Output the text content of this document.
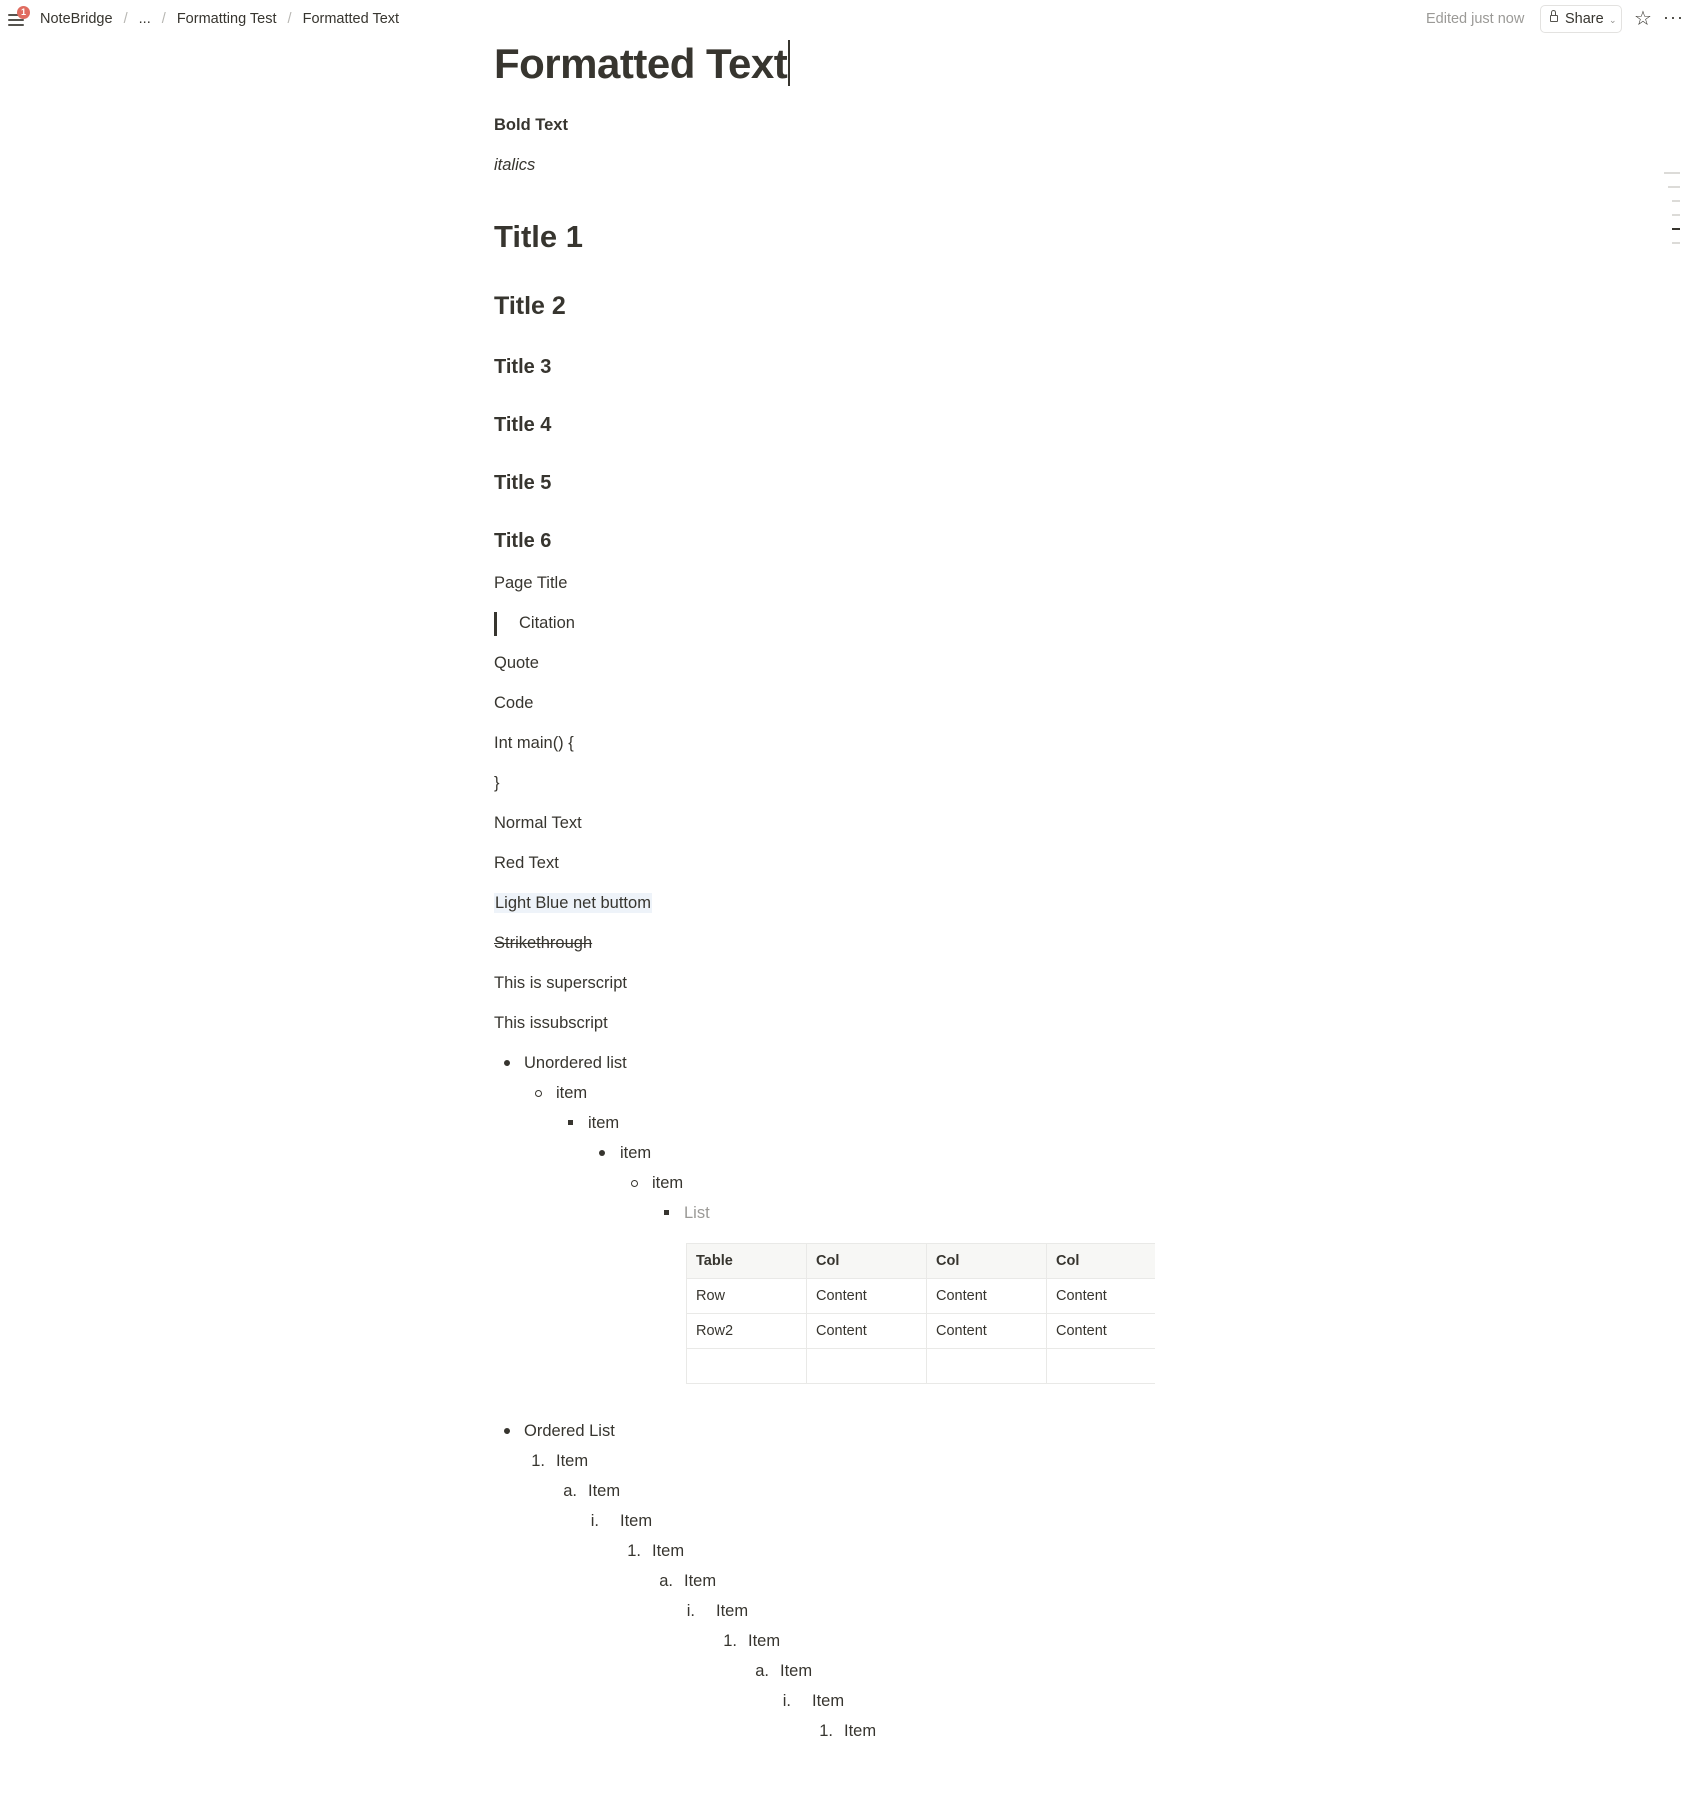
1 NoteBridge / ... / Formatting Test / Formatted Text	Edited just now	Share ⌄ ☆ ···
Formatted Text
Bold Text
italics
Title 1
Title 2
Title 3
Title 4
Title 5
Title 6
Page Title
Citation
Quote
Code
Int main() {
}
Normal Text
Red Text
Light Blue net buttom
Strikethrough
This is superscript
This issubscript
Unordered list
item
item
item
item
List
Table	Col	Col	Col
Row	Content	Content	Content
Row2	Content	Content	Content

Ordered List
1. Item
a. Item
i. Item
1. Item
a. Item
i. Item
1. Item
a. Item
i. Item
1. Item
